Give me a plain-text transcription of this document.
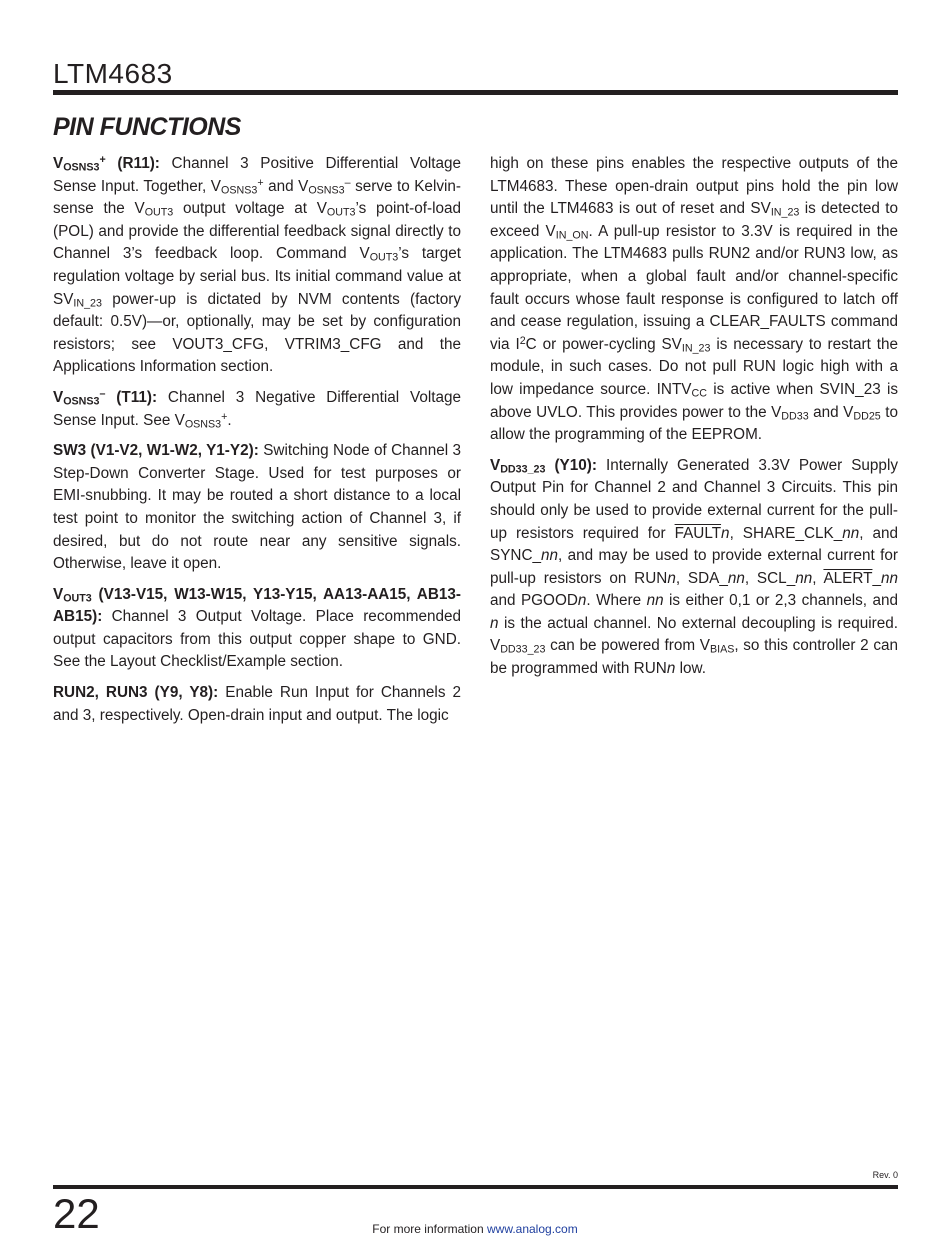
LTM4683
PIN FUNCTIONS

$V_{OSNS3}^+$ (R11): Channel 3 Positive Differential Voltage Sense Input. Together, $V_{OSNS3}^+$ and $V_{OSNS3}^-$ serve to Kelvin-sense the $V_{OUT3}$ output voltage at $V_{OUT3}’s$ point-of-load (POL) and provide the differential feedback signal directly to Channel 3’s feedback loop. Command $V_{OUT3}’s$ target regulation voltage by serial bus. Its initial command value at $SV_{IN\_23}$ power-up is dictated by NVM contents (factory default: 0.5V)—or, optionally, may be set by configuration resistors; see VOUT3_CFG, VTRIM3_CFG and the Applications Information section.

$V_{OSNS3}^-$ (T11): Channel 3 Negative Differential Voltage Sense Input. See $V_{OSNS3}^+$.

SW3 (V1-V2, W1-W2, Y1-Y2): Switching Node of Channel 3 Step-Down Converter Stage. Used for test purposes or EMI-snubbing. It may be routed a short distance to a local test point to monitor the switching action of Channel 3, if desired, but do not route near any sensitive signals. Otherwise, leave it open.

$V_{OUT3}$ (V13-V15, W13-W15, Y13-Y15, AA13-AA15, AB13-AB15): Channel 3 Output Voltage. Place recommended output capacitors from this output copper shape to GND. See the Layout Checklist/Example section.

RUN2, RUN3 (Y9, Y8): Enable Run Input for Channels 2 and 3, respectively. Open-drain input and output. The logic

high on these pins enables the respective outputs of the LTM4683. These open-drain output pins hold the pin low until the LTM4683 is out of reset and $SV_{IN\_23}$ is detected to exceed $V_{IN\_ON}$. A pull-up resistor to 3.3V is required in the application. The LTM4683 pulls RUN2 and/or RUN3 low, as appropriate, when a global fault and/or channel-specific fault occurs whose fault response is configured to latch off and cease regulation, issuing a CLEAR_FAULTS command via $I^2C$ or power-cycling $SV_{IN\_23}$ is necessary to restart the module, in such cases. Do not pull RUN logic high with a low impedance source. $INTV_{CC}$ is active when SVIN_23 is above UVLO. This provides power to the $V_{DD33}$ and $V_{DD25}$ to allow the programming of the EEPROM.

$V_{DD33\_23}$ (Y10): Internally Generated 3.3V Power Supply Output Pin for Channel 2 and Channel 3 Circuits. This pin should only be used to provide external current for the pull-up resistors required for FAULTn, SHARE_CLK_nn, and SYNC_nn, and may be used to provide external current for pull-up resistors on RUNn, SDA_nn, SCL_nn, ALERT_nn and PGOODn. Where nn is either 0,1 or 2,3 channels, and n is the actual channel. No external decoupling is required. $V_{DD33\_23}$ can be powered from $V_{BIAS}$, so this controller 2 can be programmed with RUNn low.

Rev. 0
22	For more information www.analog.com
